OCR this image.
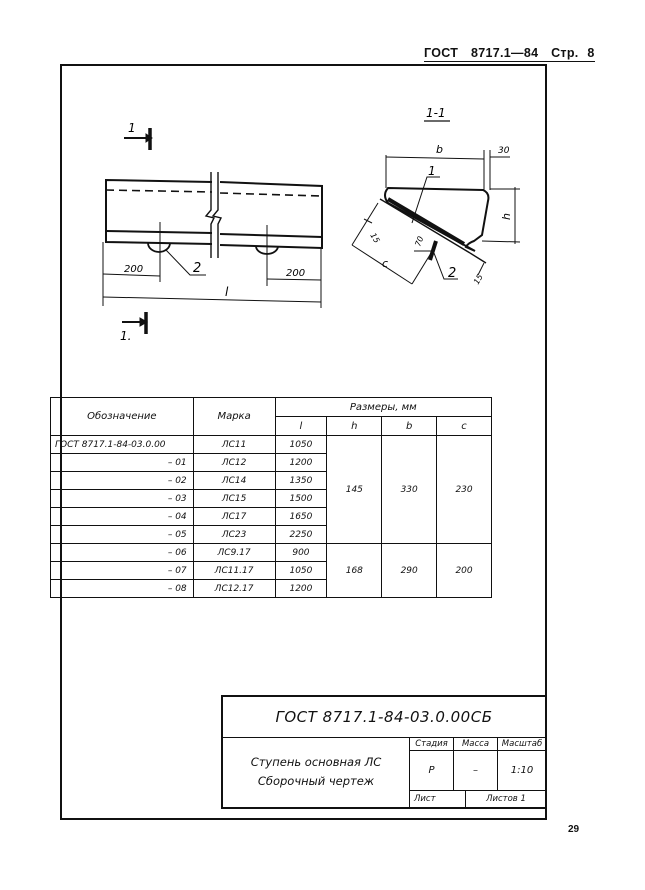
ГОСТ 8717.1—84 Стр. 8
1
200	200
2
l
1.
1-1
b	30
1
h
15	70
c
15
2
Обозначение	Марка	Размеры, мм			
		l	h	b	c
ГОСТ 8717.1-84-03.0.00	ЛС11	1050	145	330	230
– 01	ЛС12	1200			
– 02	ЛС14	1350			
– 03	ЛС15	1500			
– 04	ЛС17	1650			
– 05	ЛС23	2250			
– 06	ЛС9.17	900	168	290	200
– 07	ЛС11.17	1050			
– 08	ЛС12.17	1200			
ГОСТ 8717.1-84-03.0.00СБ
Ступень основная ЛС
Сборочный чертеж
Стадия	Масса	Масштаб
Р	–	1:10
Лист	Листов 1
29
